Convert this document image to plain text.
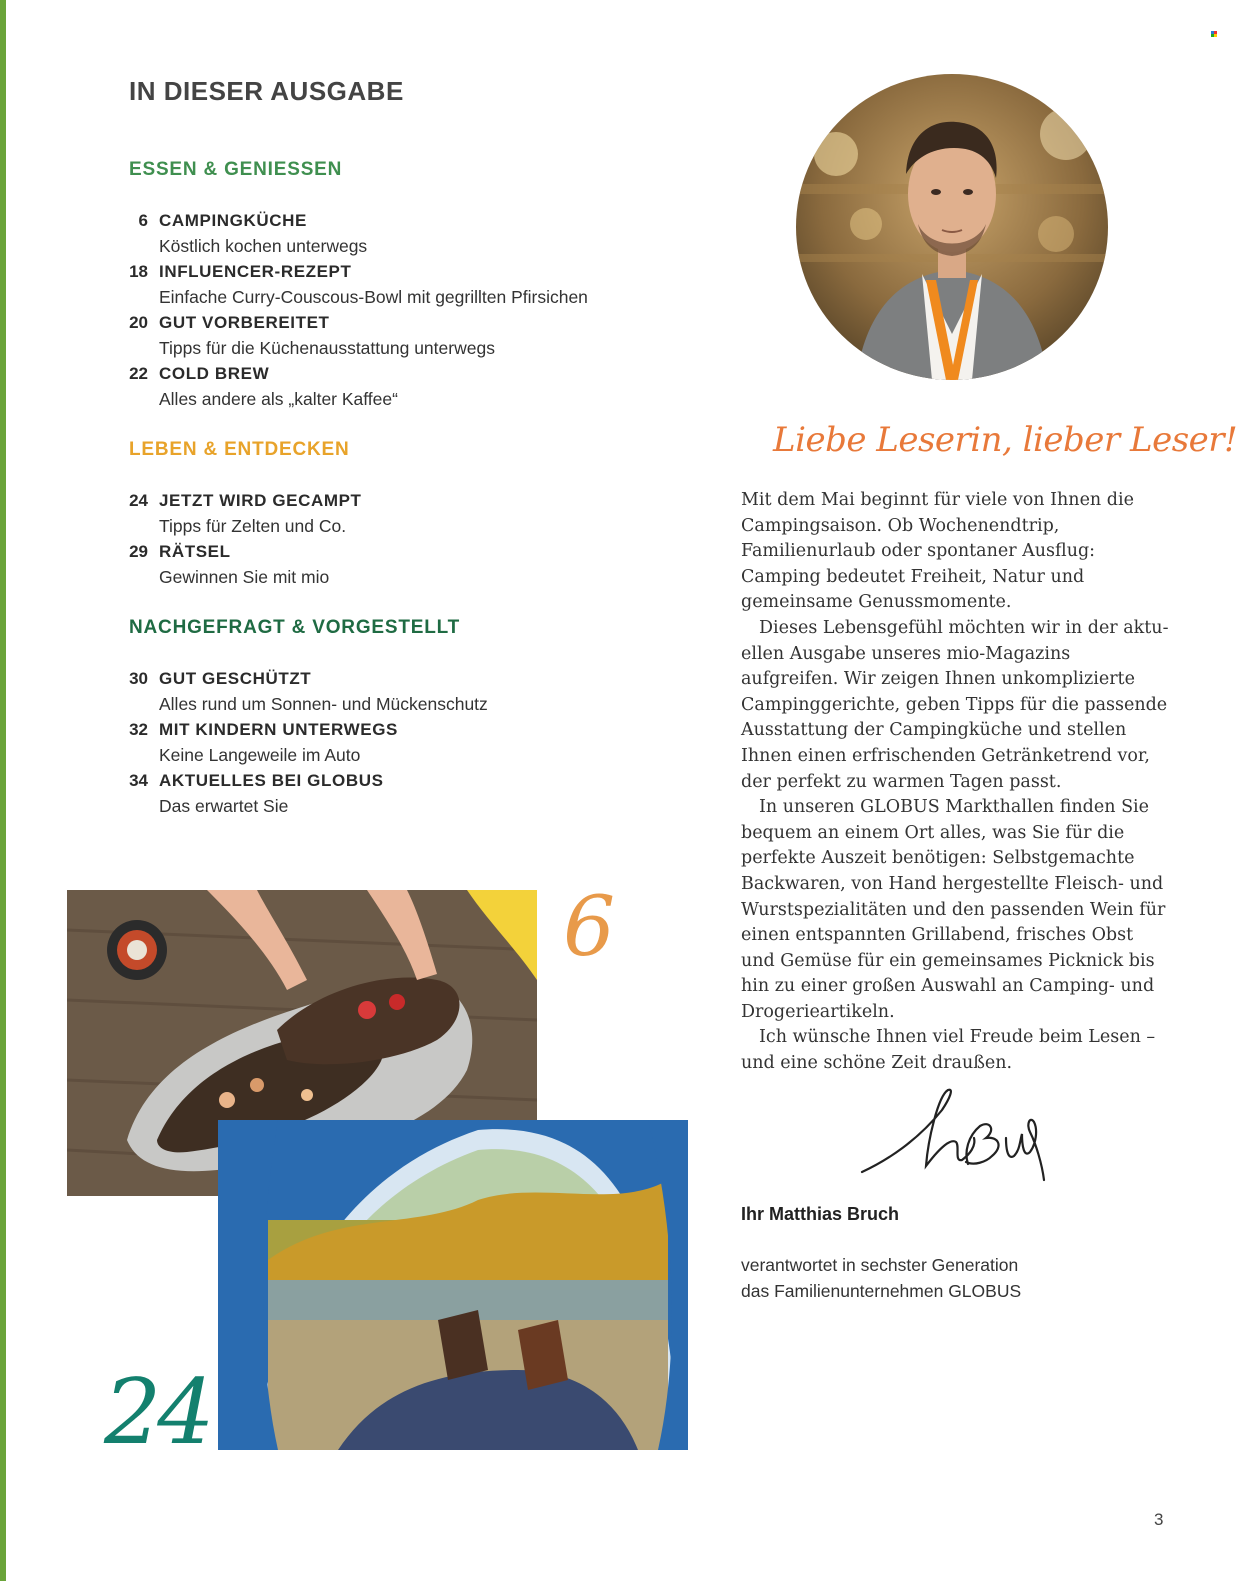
IN DIESER AUSGABE
ESSEN & GENIESSEN
6 CAMPINGKÜCHE
Köstlich kochen unterwegs
18 INFLUENCER-REZEPT
Einfache Curry-Couscous-Bowl mit gegrillten Pfirsichen
20 GUT VORBEREITET
Tipps für die Küchenausstattung unterwegs
22 COLD BREW
Alles andere als „kalter Kaffee“
LEBEN & ENTDECKEN
24 JETZT WIRD GECAMPT
Tipps für Zelten und Co.
29 RÄTSEL
Gewinnen Sie mit mio
NACHGEFRAGT & VORGESTELLT
30 GUT GESCHÜTZT
Alles rund um Sonnen- und Mückenschutz
32 MIT KINDERN UNTERWEGS
Keine Langeweile im Auto
34 AKTUELLES BEI GLOBUS
Das erwartet Sie
Liebe Leserin, lieber Leser!

Mit dem Mai beginnt für viele von Ihnen die Campingsaison. Ob Wochenendtrip, Familienurlaub oder spontaner Ausflug: Camping bedeutet Freiheit, Natur und gemeinsame Genussmomente.

Dieses Lebensgefühl möchten wir in der aktuellen Ausgabe unseres mio-Magazins aufgreifen. Wir zeigen Ihnen unkomplizierte Campinggerichte, geben Tipps für die passende Ausstattung der Campingküche und stellen Ihnen einen erfrischenden Getränketrend vor, der perfekt zu warmen Tagen passt.

In unseren GLOBUS Markthallen finden Sie bequem an einem Ort alles, was Sie für die perfekte Auszeit benötigen: Selbstgemachte Backwaren, von Hand hergestellte Fleisch- und Wurstspezialitäten und den passenden Wein für einen entspannten Grillabend, frisches Obst und Gemüse für ein gemeinsames Picknick bis hin zu einer großen Auswahl an Camping- und Drogerieartikeln.

Ich wünsche Ihnen viel Freude beim Lesen – und eine schöne Zeit draußen.

Ihr Matthias Bruch
verantwortet in sechster Generation
das Familienunternehmen GLOBUS
6
24
3
